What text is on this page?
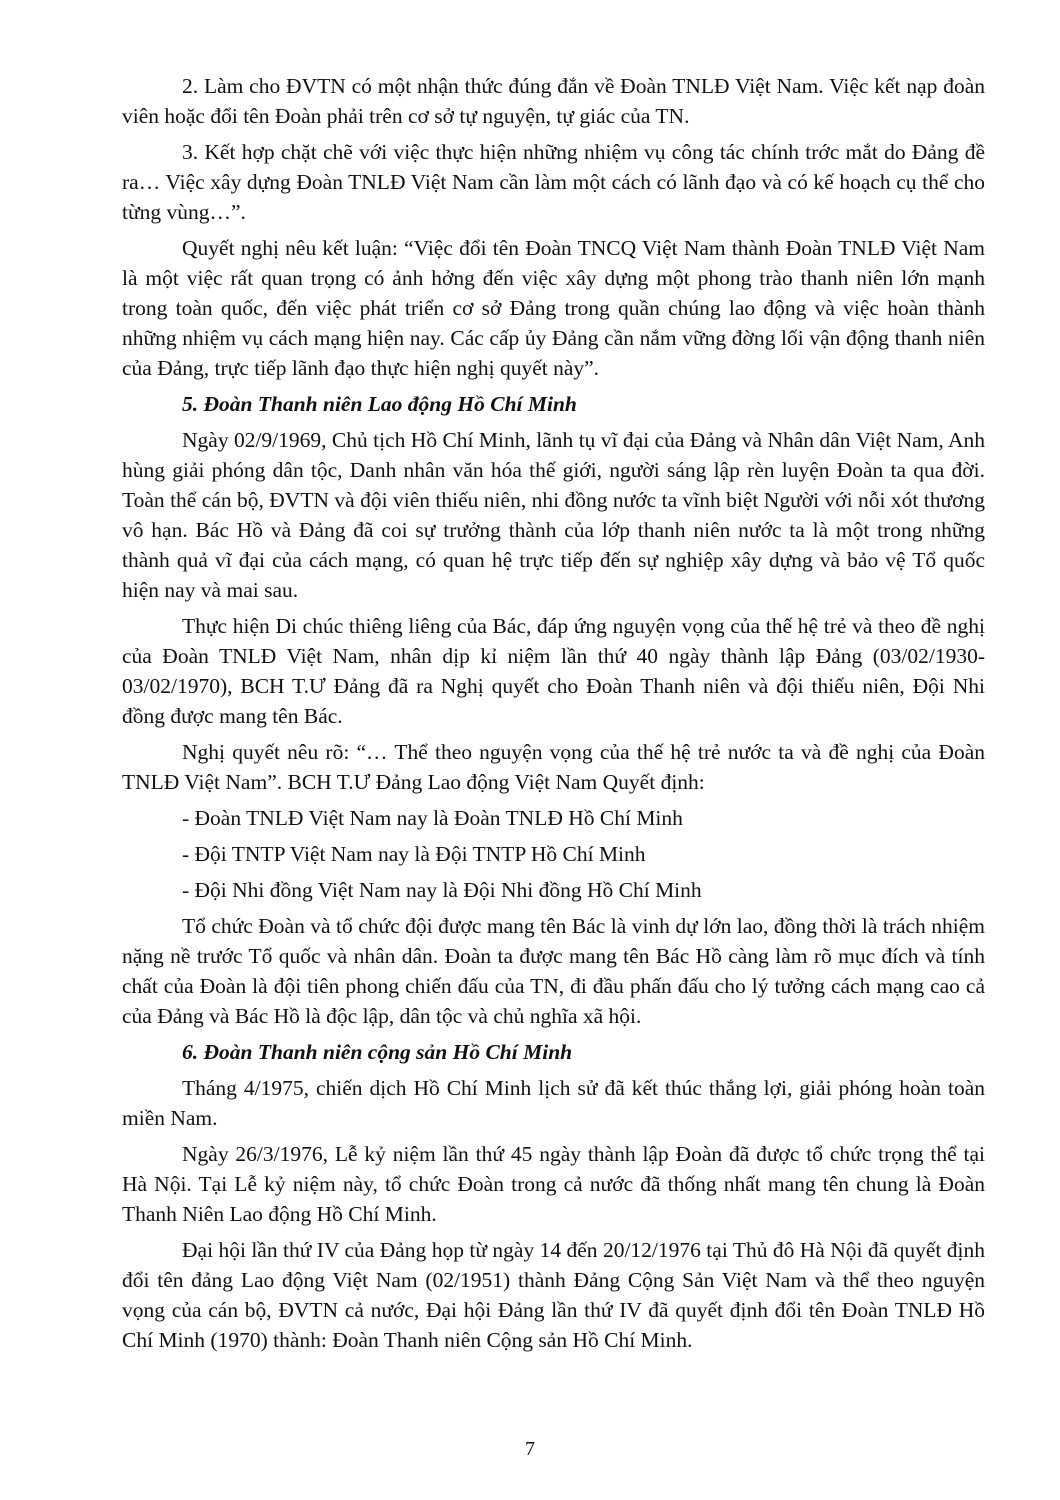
2. Làm cho ĐVTN có một nhận thức đúng đắn về Đoàn TNLĐ Việt Nam. Việc kết nạp đoàn viên hoặc đổi tên Đoàn phải trên cơ sở tự nguyện, tự giác của TN.

3. Kết hợp chặt chẽ với việc thực hiện những nhiệm vụ công tác chính trớc mắt do Đảng đề ra… Việc xây dựng Đoàn TNLĐ Việt Nam cần làm một cách có lãnh đạo và có kế hoạch cụ thể cho từng vùng…”.

Quyết nghị nêu kết luận: “Việc đổi tên Đoàn TNCQ Việt Nam thành Đoàn TNLĐ Việt Nam là một việc rất quan trọng có ảnh hởng đến việc xây dựng một phong trào thanh niên lớn mạnh trong toàn quốc, đến việc phát triển cơ sở Đảng trong quần chúng lao động và việc hoàn thành những nhiệm vụ cách mạng hiện nay. Các cấp ủy Đảng cần nắm vững đờng lối vận động thanh niên của Đảng, trực tiếp lãnh đạo thực hiện nghị quyết này”.

5. Đoàn Thanh niên Lao động Hồ Chí Minh

Ngày 02/9/1969, Chủ tịch Hồ Chí Minh, lãnh tụ vĩ đại của Đảng và Nhân dân Việt Nam, Anh hùng giải phóng dân tộc, Danh nhân văn hóa thế giới, người sáng lập rèn luyện Đoàn ta qua đời. Toàn thể cán bộ, ĐVTN và đội viên thiếu niên, nhi đồng nước ta vĩnh biệt Người với nỗi xót thương vô hạn. Bác Hồ và Đảng đã coi sự trưởng thành của lớp thanh niên nước ta là một trong những thành quả vĩ đại của cách mạng, có quan hệ trực tiếp đến sự nghiệp xây dựng và bảo vệ Tổ quốc hiện nay và mai sau.

Thực hiện Di chúc thiêng liêng của Bác, đáp ứng nguyện vọng của thế hệ trẻ và theo đề nghị của Đoàn TNLĐ Việt Nam, nhân dịp kỉ niệm lần thứ 40 ngày thành lập Đảng (03/02/1930- 03/02/1970), BCH T.Ư Đảng đã ra Nghị quyết cho Đoàn Thanh niên và đội thiếu niên, Đội Nhi đồng được mang tên Bác.

Nghị quyết nêu rõ: “… Thể theo nguyện vọng của thế hệ trẻ nước ta và đề nghị của Đoàn TNLĐ Việt Nam”. BCH T.Ư Đảng Lao động Việt Nam Quyết định:

- Đoàn TNLĐ Việt Nam nay là Đoàn TNLĐ Hồ Chí Minh

- Đội TNTP Việt Nam nay là Đội TNTP Hồ Chí Minh

- Đội Nhi đồng Việt Nam nay là Đội Nhi đồng Hồ Chí Minh

Tổ chức Đoàn và tổ chức đội được mang tên Bác là vinh dự lớn lao, đồng thời là trách nhiệm nặng nề trước Tổ quốc và nhân dân. Đoàn ta được mang tên Bác Hồ càng làm rõ mục đích và tính chất của Đoàn là đội tiên phong chiến đấu của TN, đi đầu phấn đấu cho lý tưởng cách mạng cao cả của Đảng và Bác Hồ là độc lập, dân tộc và chủ nghĩa xã hội.

6. Đoàn Thanh niên cộng sản Hồ Chí Minh

Tháng 4/1975, chiến dịch Hồ Chí Minh lịch sử đã kết thúc thắng lợi, giải phóng hoàn toàn miền Nam.

Ngày 26/3/1976, Lễ kỷ niệm lần thứ 45 ngày thành lập Đoàn đã được tổ chức trọng thể tại Hà Nội. Tại Lễ kỷ niệm này, tổ chức Đoàn trong cả nước đã thống nhất mang tên chung là Đoàn Thanh Niên Lao động Hồ Chí Minh.

Đại hội lần thứ IV của Đảng họp từ ngày 14 đến 20/12/1976 tại Thủ đô Hà Nội đã quyết định đổi tên đảng Lao động Việt Nam (02/1951) thành Đảng Cộng Sản Việt Nam và thể theo nguyện vọng của cán bộ, ĐVTN cả nước, Đại hội Đảng lần thứ IV đã quyết định đổi tên Đoàn TNLĐ Hồ Chí Minh (1970) thành: Đoàn Thanh niên Cộng sản Hồ Chí Minh.

7
